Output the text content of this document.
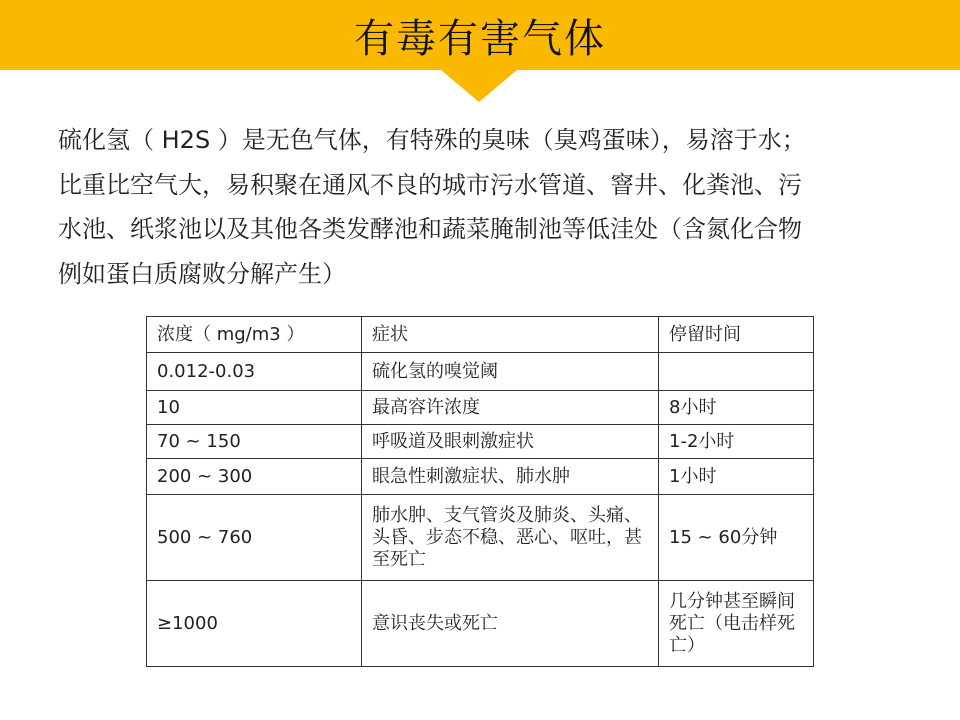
有毒有害气体

硫化氢（ H2S ）是无色气体，有特殊的臭味（臭鸡蛋味），易溶于水；

比重比空气大，易积聚在通风不良的城市污水管道、窨井、化粪池、污

水池、纸浆池以及其他各类发酵池和蔬菜腌制池等低洼处（含氮化合物

例如蛋白质腐败分解产生）

浓度（ mg/m3 ）	症状	停留时间
0.012-0.03	硫化氢的嗅觉阈	
10	最高容许浓度	8小时
70 ~ 150	呼吸道及眼刺激症状	1-2小时
200 ~ 300	眼急性刺激症状、肺水肿	1小时
500 ~ 760	肺水肿、支气管炎及肺炎、头痛、头昏、步态不稳、恶心、呕吐，甚至死亡	15 ~ 60分钟
≥1000	意识丧失或死亡	几分钟甚至瞬间死亡（电击样死亡）
